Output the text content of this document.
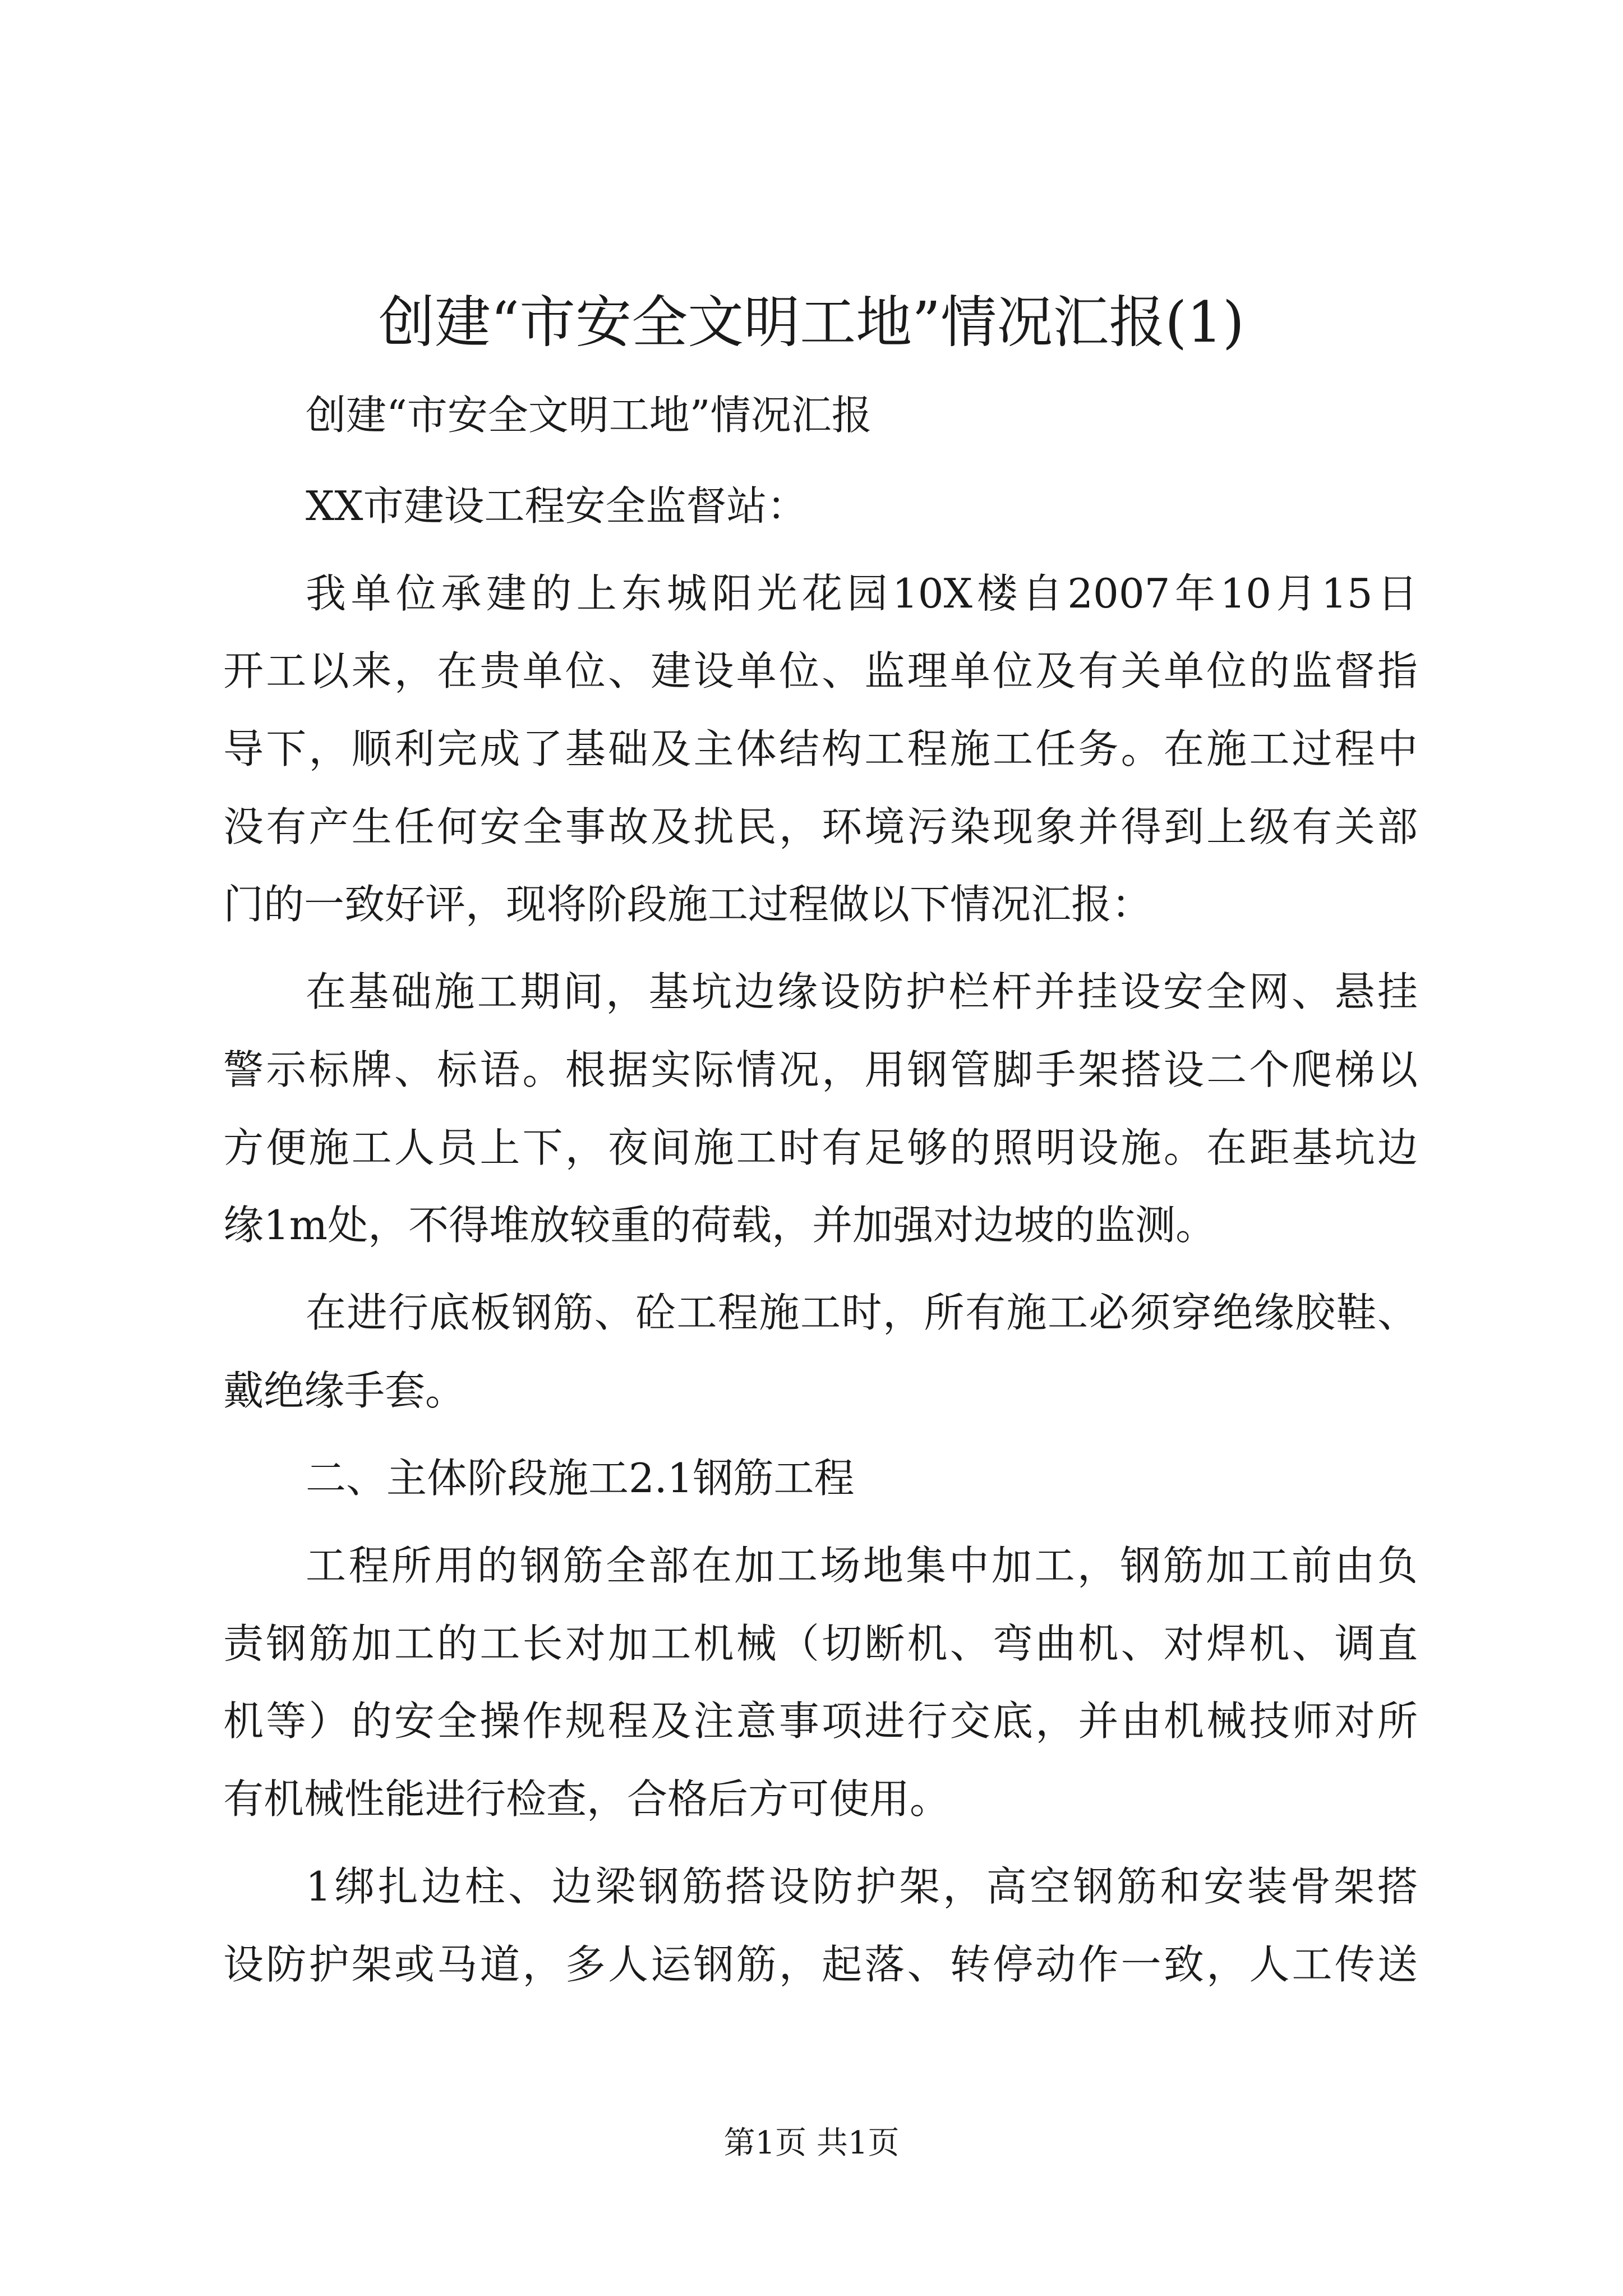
创建“市安全文明工地”情况汇报(1)

创建“市安全文明工地”情况汇报

XX市建设工程安全监督站：

我单位承建的上东城阳光花园10X楼自2007年10月15日

开工以来，在贵单位、建设单位、监理单位及有关单位的监督指

导下，顺利完成了基础及主体结构工程施工任务。在施工过程中

没有产生任何安全事故及扰民，环境污染现象并得到上级有关部

门的一致好评，现将阶段施工过程做以下情况汇报：

在基础施工期间，基坑边缘设防护栏杆并挂设安全网、悬挂

警示标牌、标语。根据实际情况，用钢管脚手架搭设二个爬梯以

方便施工人员上下，夜间施工时有足够的照明设施。在距基坑边

缘1m处，不得堆放较重的荷载，并加强对边坡的监测。

在进行底板钢筋、砼工程施工时，所有施工必须穿绝缘胶鞋、

戴绝缘手套。

二、主体阶段施工2.1钢筋工程

工程所用的钢筋全部在加工场地集中加工，钢筋加工前由负

责钢筋加工的工长对加工机械（切断机、弯曲机、对焊机、调直

机等）的安全操作规程及注意事项进行交底，并由机械技师对所

有机械性能进行检查，合格后方可使用。

1绑扎边柱、边梁钢筋搭设防护架，高空钢筋和安装骨架搭

设防护架或马道，多人运钢筋，起落、转停动作一致，人工传送

第1页 共1页
